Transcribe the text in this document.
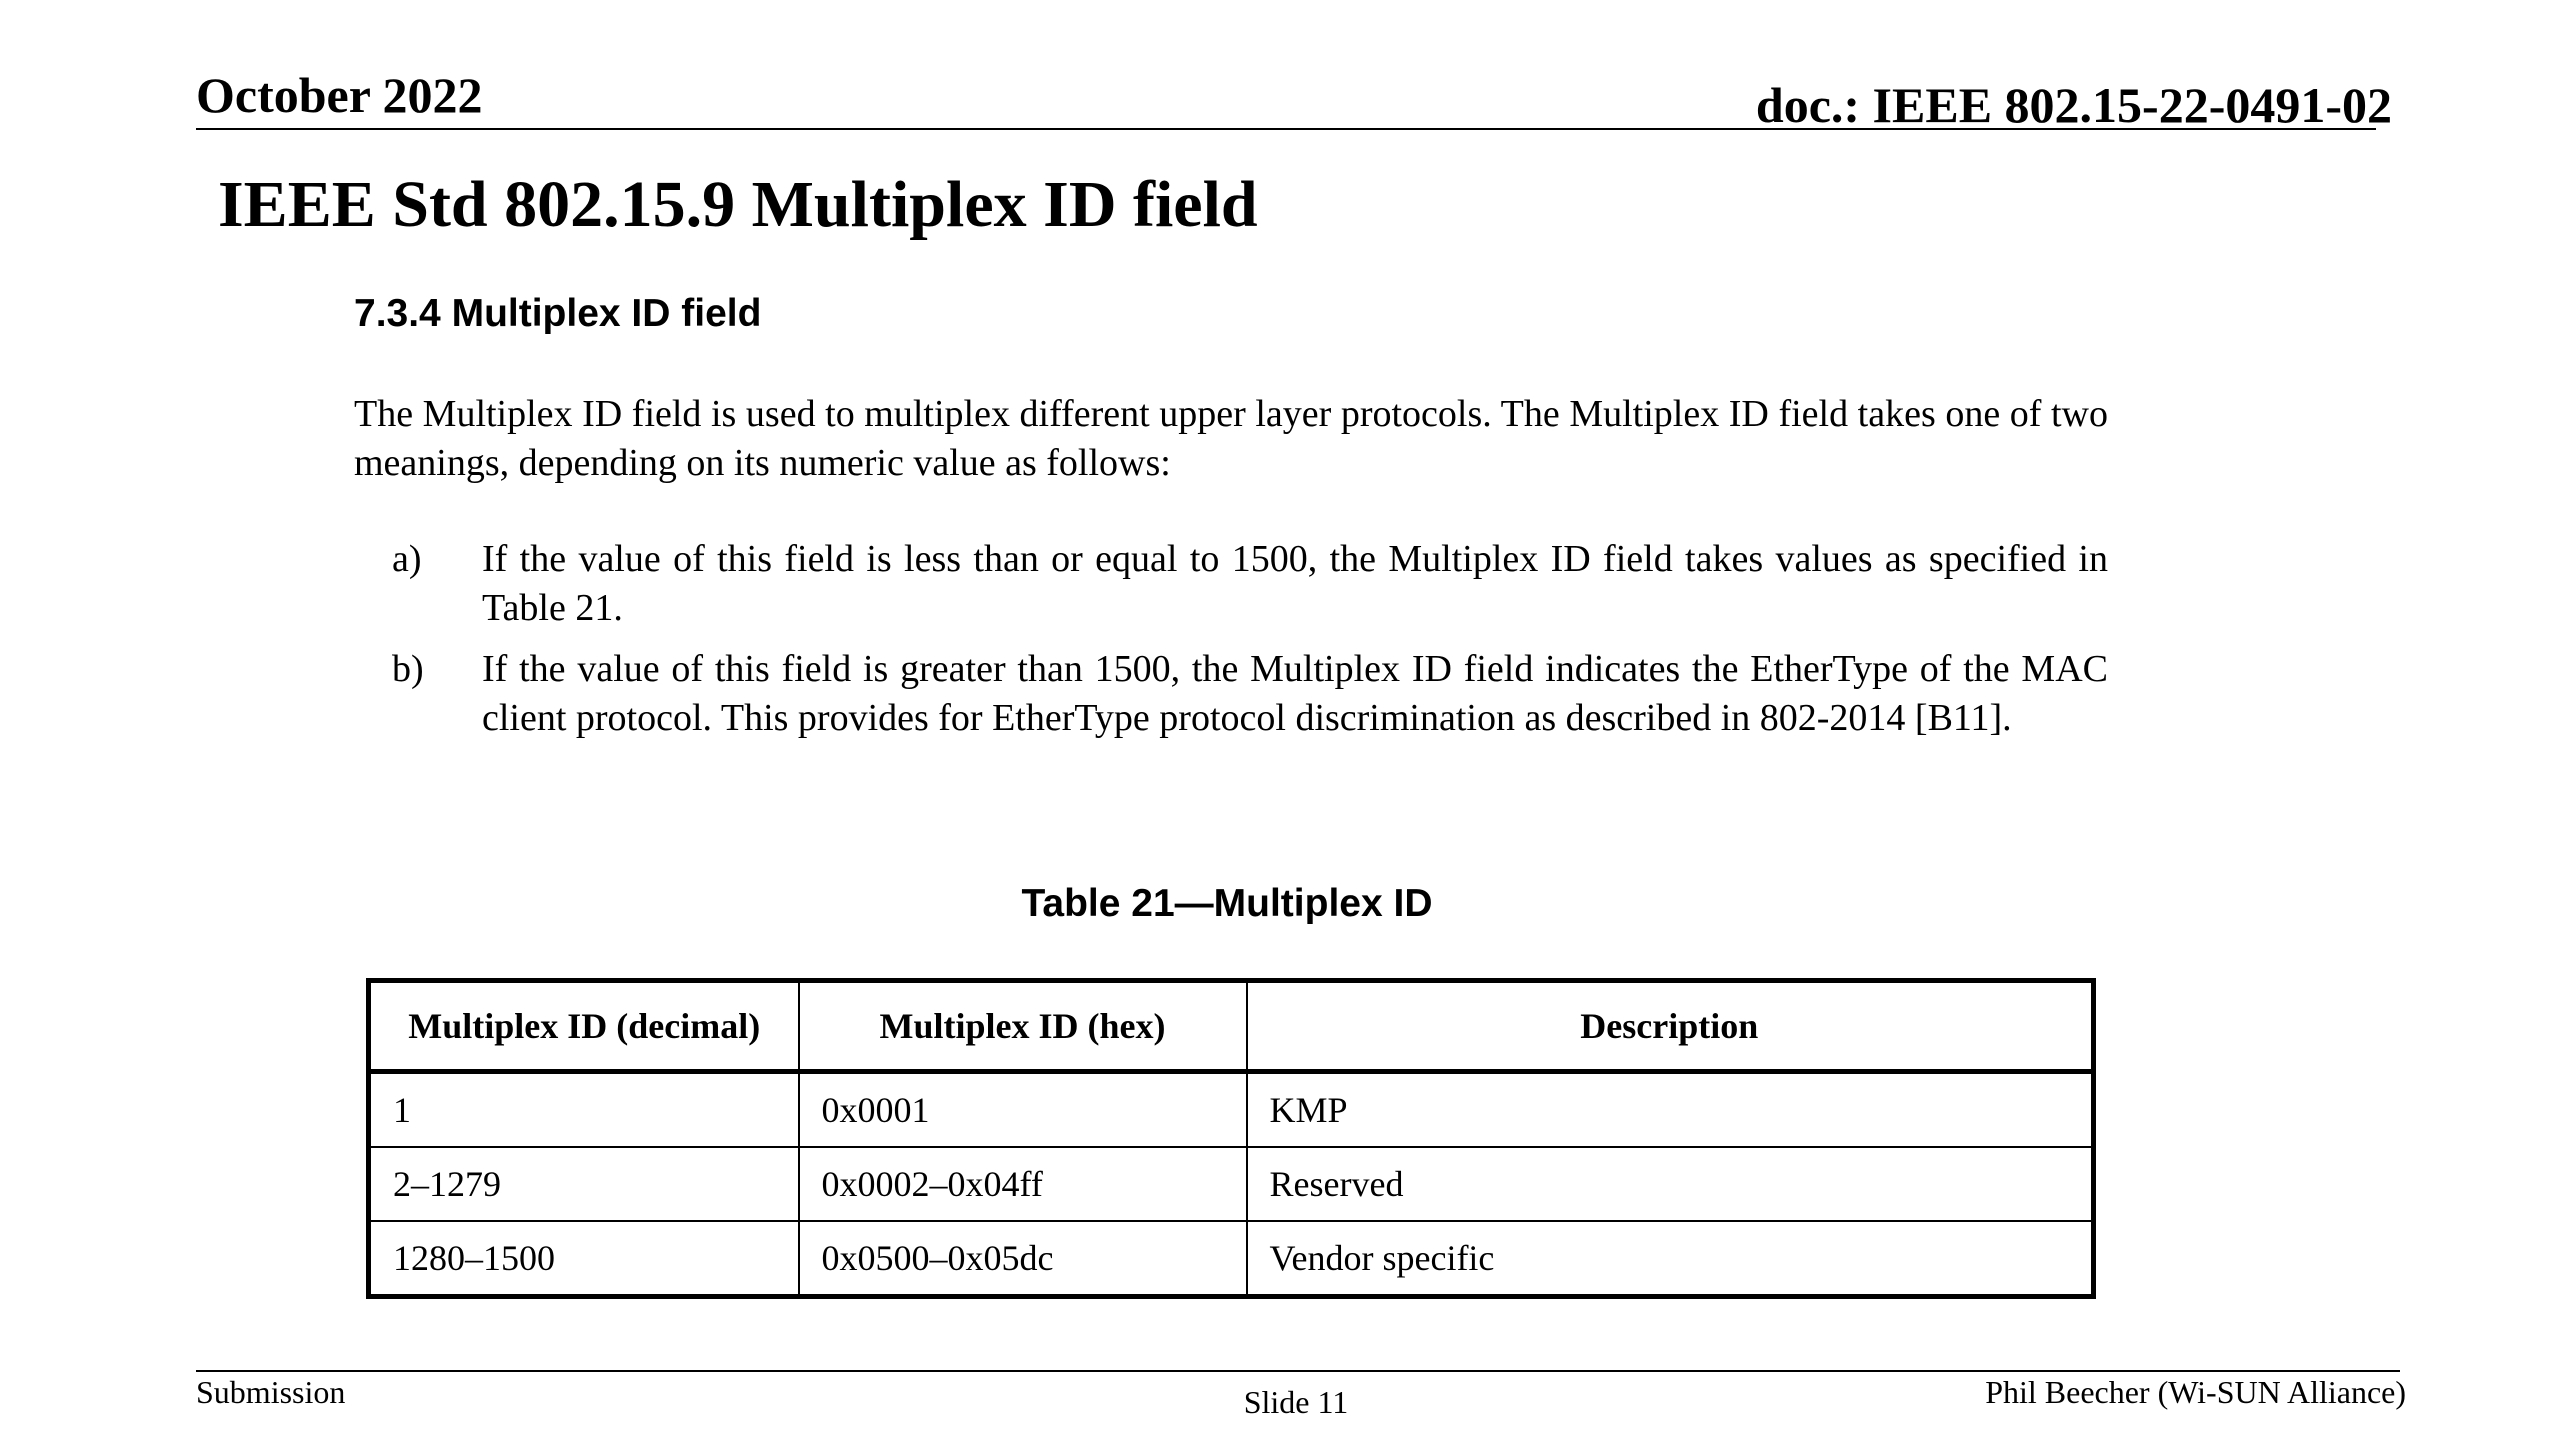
October 2022	doc.: IEEE 802.15-22-0491-02
IEEE Std 802.15.9 Multiplex ID field
7.3.4 Multiplex ID field

The Multiplex ID field is used to multiplex different upper layer protocols. The Multiplex ID field takes one of two meanings, depending on its numeric value as follows:

a) If the value of this field is less than or equal to 1500, the Multiplex ID field takes values as specified in Table 21.
b) If the value of this field is greater than 1500, the Multiplex ID field indicates the EtherType of the MAC client protocol. This provides for EtherType protocol discrimination as described in 802-2014 [B11].
Table 21—Multiplex ID
Multiplex ID (decimal)	Multiplex ID (hex)	Description
1	0x0001	KMP
2–1279	0x0002–0x04ff	Reserved
1280–1500	0x0500–0x05dc	Vendor specific
Submission	Slide 11	Phil Beecher (Wi-SUN Alliance)
